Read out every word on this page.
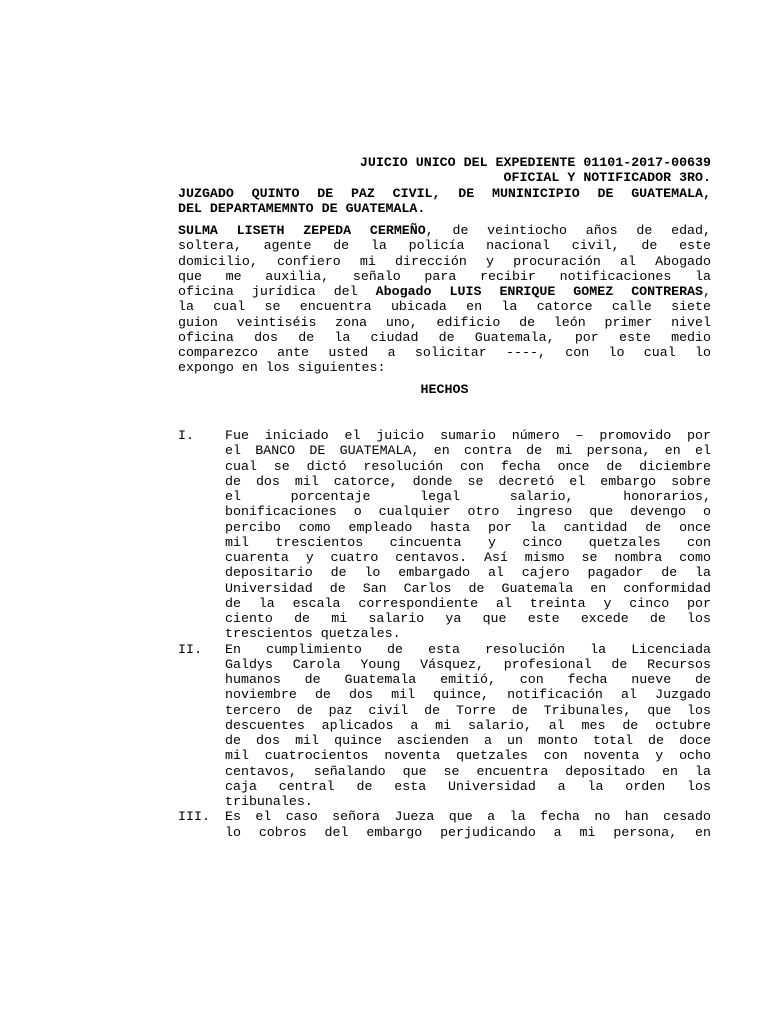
JUICIO UNICO DEL EXPEDIENTE 01101-2017-00639
OFICIAL Y NOTIFICADOR 3RO.
JUZGADO QUINTO DE PAZ CIVIL, DE MUNINICIPIO DE GUATEMALA,
DEL DEPARTAMEMNTO DE GUATEMALA.
SULMA LISETH ZEPEDA CERMEÑO, de veintiocho años de edad,
soltera, agente de la policía nacional civil, de este
domicilio, confiero mi dirección y procuración al Abogado
que me auxilia, señalo para recibir notificaciones la
oficina jurídica del Abogado LUIS ENRIQUE GOMEZ CONTRERAS,
la cual se encuentra ubicada en la catorce calle siete
guion veintiséis zona uno, edificio de león primer nivel
oficina dos de la ciudad de Guatemala, por este medio
comparezco ante usted a solicitar ----, con lo cual lo
expongo en los siguientes:
HECHOS
I. Fue iniciado el juicio sumario número – promovido por
el BANCO DE GUATEMALA, en contra de mi persona, en el
cual se dictó resolución con fecha once de diciembre
de dos mil catorce, donde se decretó el embargo sobre
el porcentaje legal salario, honorarios,
bonificaciones o cualquier otro ingreso que devengo o
percibo como empleado hasta por la cantidad de once
mil trescientos cincuenta y cinco quetzales con
cuarenta y cuatro centavos. Así mismo se nombra como
depositario de lo embargado al cajero pagador de la
Universidad de San Carlos de Guatemala en conformidad
de la escala correspondiente al treinta y cinco por
ciento de mi salario ya que este excede de los
trescientos quetzales.
II. En cumplimiento de esta resolución la Licenciada
Galdys Carola Young Vásquez, profesional de Recursos
humanos de Guatemala emitió, con fecha nueve de
noviembre de dos mil quince, notificación al Juzgado
tercero de paz civil de Torre de Tribunales, que los
descuentes aplicados a mi salario, al mes de octubre
de dos mil quince ascienden a un monto total de doce
mil cuatrocientos noventa quetzales con noventa y ocho
centavos, señalando que se encuentra depositado en la
caja central de esta Universidad a la orden los
tribunales.
III. Es el caso señora Jueza que a la fecha no han cesado
lo cobros del embargo perjudicando a mi persona, en
